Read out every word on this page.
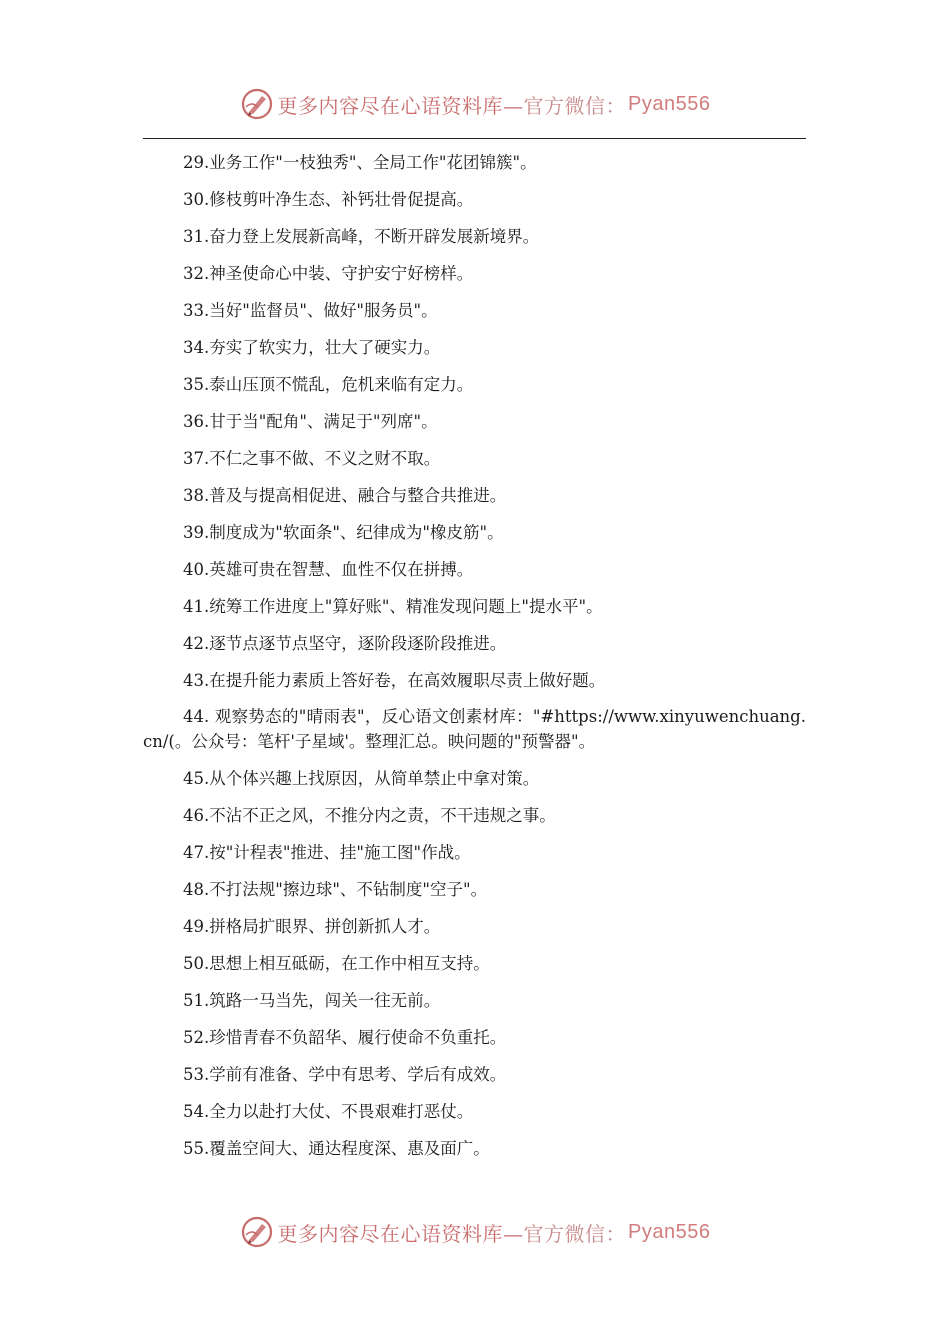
更多内容尽在心语资料库— 官方微信： Pyan556
29.业务工作"一枝独秀"、全局工作"花团锦簇"。
30.修枝剪叶净生态、补钙壮骨促提高。
31.奋力登上发展新高峰，不断开辟发展新境界。
32.神圣使命心中装、守护安宁好榜样。
33.当好"监督员"、做好"服务员"。
34.夯实了软实力，壮大了硬实力。
35.泰山压顶不慌乱，危机来临有定力。
36.甘于当"配角"、满足于"列席"。
37.不仁之事不做、不义之财不取。
38.普及与提高相促进、融合与整合共推进。
39.制度成为"软面条"、纪律成为"橡皮筋"。
40.英雄可贵在智慧、血性不仅在拼搏。
41.统筹工作进度上"算好账"、精准发现问题上"提水平"。
42.逐节点逐节点坚守，逐阶段逐阶段推进。
43.在提升能力素质上答好卷，在高效履职尽责上做好题。
44. 观察势态的"晴雨表"，反心语文创素材库："#https://www.xinyuwenchuang.cn/(。公众号：笔杆'子星域'。整理汇总。映问题的"预警器"。
45.从个体兴趣上找原因，从简单禁止中拿对策。
46.不沾不正之风，不推分内之责，不干违规之事。
47.按"计程表"推进、挂"施工图"作战。
48.不打法规"擦边球"、不钻制度"空子"。
49.拼格局扩眼界、拼创新抓人才。
50.思想上相互砥砺，在工作中相互支持。
51.筑路一马当先，闯关一往无前。
52.珍惜青春不负韶华、履行使命不负重托。
53.学前有准备、学中有思考、学后有成效。
54.全力以赴打大仗、不畏艰难打恶仗。
55.覆盖空间大、通达程度深、惠及面广。
更多内容尽在心语资料库— 官方微信： Pyan556
